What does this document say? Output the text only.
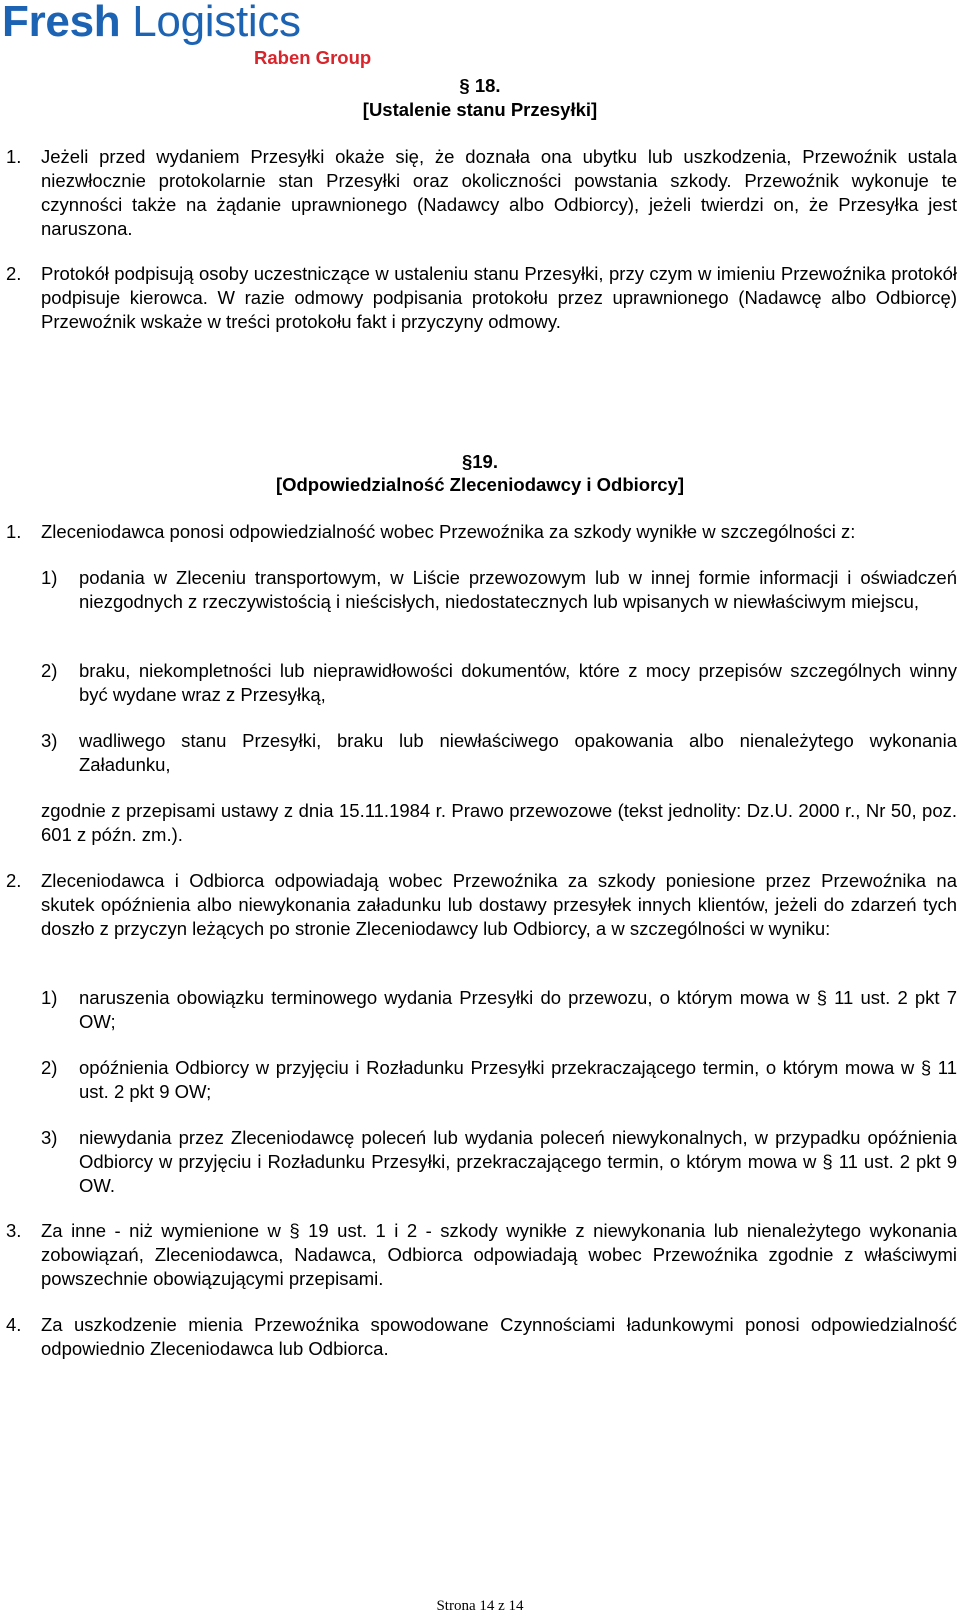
Fresh Logistics
Raben Group
§ 18.
[Ustalenie stanu Przesyłki]
1. Jeżeli przed wydaniem Przesyłki okaże się, że doznała ona ubytku lub uszkodzenia, Przewoźnik ustala niezwłocznie protokolarnie stan Przesyłki oraz okoliczności powstania szkody. Przewoźnik wykonuje te czynności także na żądanie uprawnionego (Nadawcy albo Odbiorcy), jeżeli twierdzi on, że Przesyłka jest naruszona.
2. Protokół podpisują osoby uczestniczące w ustaleniu stanu Przesyłki, przy czym w imieniu Przewoźnika protokół podpisuje kierowca. W razie odmowy podpisania protokołu przez uprawnionego (Nadawcę albo Odbiorcę) Przewoźnik wskaże w treści protokołu fakt i przyczyny odmowy.
§19.
[Odpowiedzialność Zleceniodawcy i Odbiorcy]
1. Zleceniodawca ponosi odpowiedzialność wobec Przewoźnika za szkody wynikłe w szczególności z:
1) podania w Zleceniu transportowym, w Liście przewozowym lub w innej formie informacji i oświadczeń niezgodnych z rzeczywistością i nieścisłych, niedostatecznych lub wpisanych w niewłaściwym miejscu,
2) braku, niekompletności lub nieprawidłowości dokumentów, które z mocy przepisów szczególnych winny być wydane wraz z Przesyłką,
3) wadliwego stanu Przesyłki, braku lub niewłaściwego opakowania albo nienależytego wykonania Załadunku,
zgodnie z przepisami ustawy z dnia 15.11.1984 r. Prawo przewozowe (tekst jednolity: Dz.U. 2000 r., Nr 50, poz. 601 z późn. zm.).
2. Zleceniodawca i Odbiorca odpowiadają wobec Przewoźnika za szkody poniesione przez Przewoźnika na skutek opóźnienia albo niewykonania załadunku lub dostawy przesyłek innych klientów, jeżeli do zdarzeń tych doszło z przyczyn leżących po stronie Zleceniodawcy lub Odbiorcy, a w szczególności w wyniku:
1) naruszenia obowiązku terminowego wydania Przesyłki do przewozu, o którym mowa w § 11 ust. 2 pkt 7 OW;
2) opóźnienia Odbiorcy w przyjęciu i Rozładunku Przesyłki przekraczającego termin, o którym mowa w § 11 ust. 2 pkt 9 OW;
3) niewydania przez Zleceniodawcę poleceń lub wydania poleceń niewykonalnych, w przypadku opóźnienia Odbiorcy w przyjęciu i Rozładunku Przesyłki, przekraczającego termin, o którym mowa w § 11 ust. 2 pkt 9 OW.
3. Za inne - niż wymienione w § 19 ust. 1 i 2 - szkody wynikłe z niewykonania lub nienależytego wykonania zobowiązań, Zleceniodawca, Nadawca, Odbiorca odpowiadają wobec Przewoźnika zgodnie z właściwymi powszechnie obowiązującymi przepisami.
4. Za uszkodzenie mienia Przewoźnika spowodowane Czynnościami ładunkowymi ponosi odpowiedzialność odpowiednio Zleceniodawca lub Odbiorca.
Strona 14 z 14
